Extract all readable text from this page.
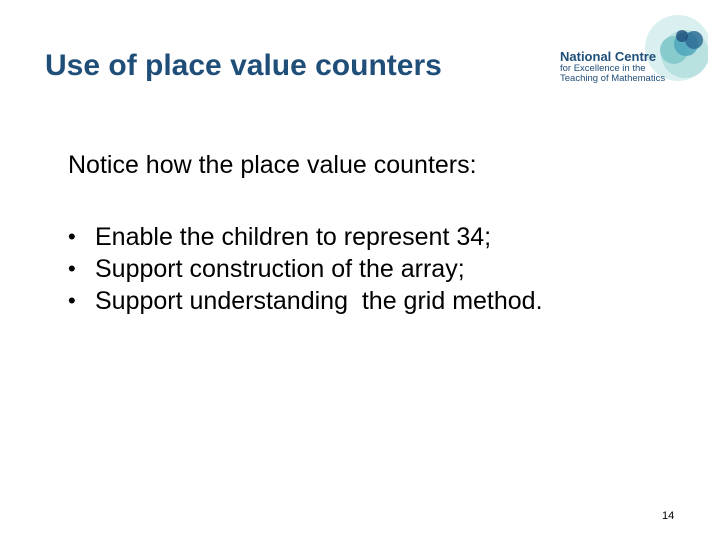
Use of place value counters	National Centre
for Excellence in the
Teaching of Mathematics
Notice how the place value counters:
• Enable the children to represent 34;
• Support construction of the array;
• Support understanding  the grid method.
14
